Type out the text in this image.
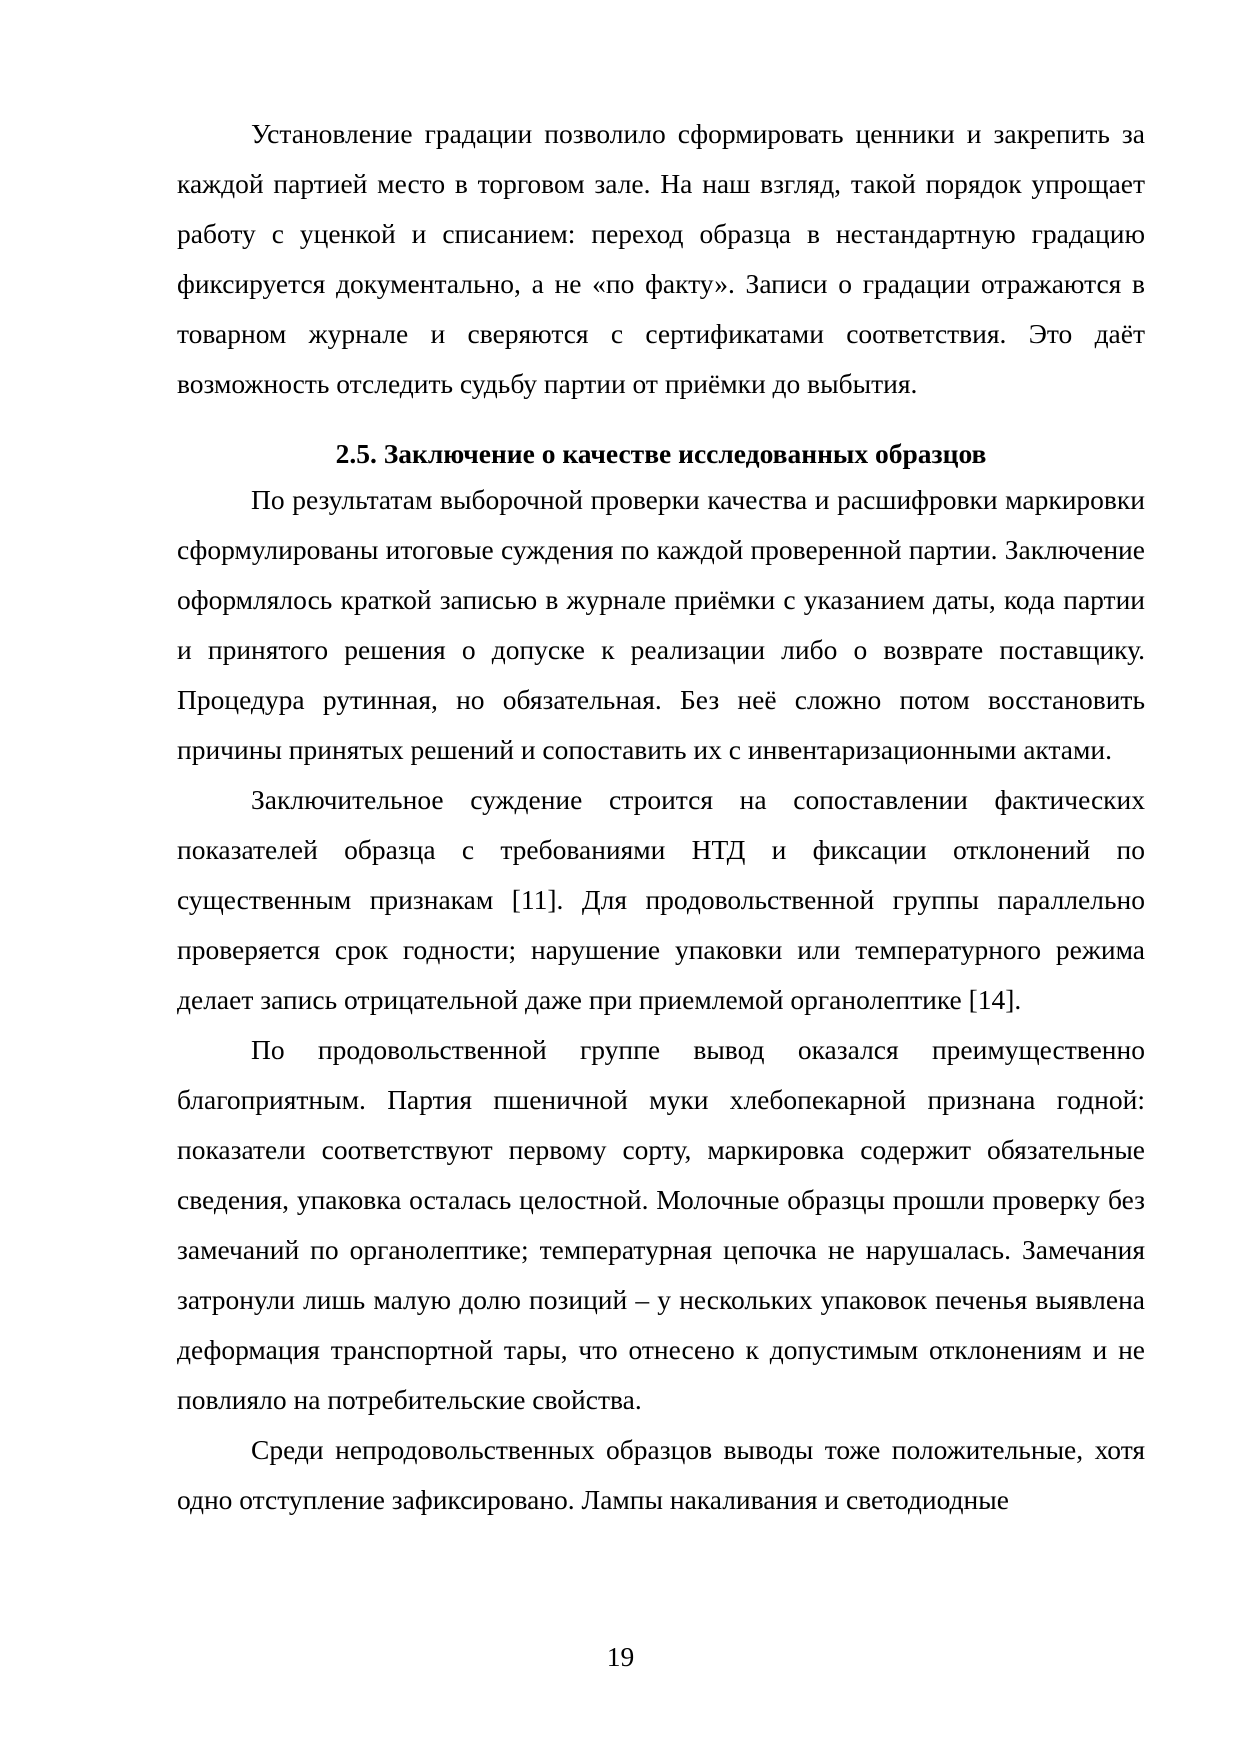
Установление градации позволило сформировать ценники и закрепить за каждой партией место в торговом зале. На наш взгляд, такой порядок упрощает работу с уценкой и списанием: переход образца в нестандартную градацию фиксируется документально, а не «по факту». Записи о градации отражаются в товарном журнале и сверяются с сертификатами соответствия. Это даёт возможность отследить судьбу партии от приёмки до выбытия.

2.5. Заключение о качестве исследованных образцов

По результатам выборочной проверки качества и расшифровки маркировки сформулированы итоговые суждения по каждой проверенной партии. Заключение оформлялось краткой записью в журнале приёмки с указанием даты, кода партии и принятого решения о допуске к реализации либо о возврате поставщику. Процедура рутинная, но обязательная. Без неё сложно потом восстановить причины принятых решений и сопоставить их с инвентаризационными актами.

Заключительное суждение строится на сопоставлении фактических показателей образца с требованиями НТД и фиксации отклонений по существенным признакам [11]. Для продовольственной группы параллельно проверяется срок годности; нарушение упаковки или температурного режима делает запись отрицательной даже при приемлемой органолептике [14].

По продовольственной группе вывод оказался преимущественно благоприятным. Партия пшеничной муки хлебопекарной признана годной: показатели соответствуют первому сорту, маркировка содержит обязательные сведения, упаковка осталась целостной. Молочные образцы прошли проверку без замечаний по органолептике; температурная цепочка не нарушалась. Замечания затронули лишь малую долю позиций – у нескольких упаковок печенья выявлена деформация транспортной тары, что отнесено к допустимым отклонениям и не повлияло на потребительские свойства.

Среди непродовольственных образцов выводы тоже положительные, хотя одно отступление зафиксировано. Лампы накаливания и светодиодные

19
